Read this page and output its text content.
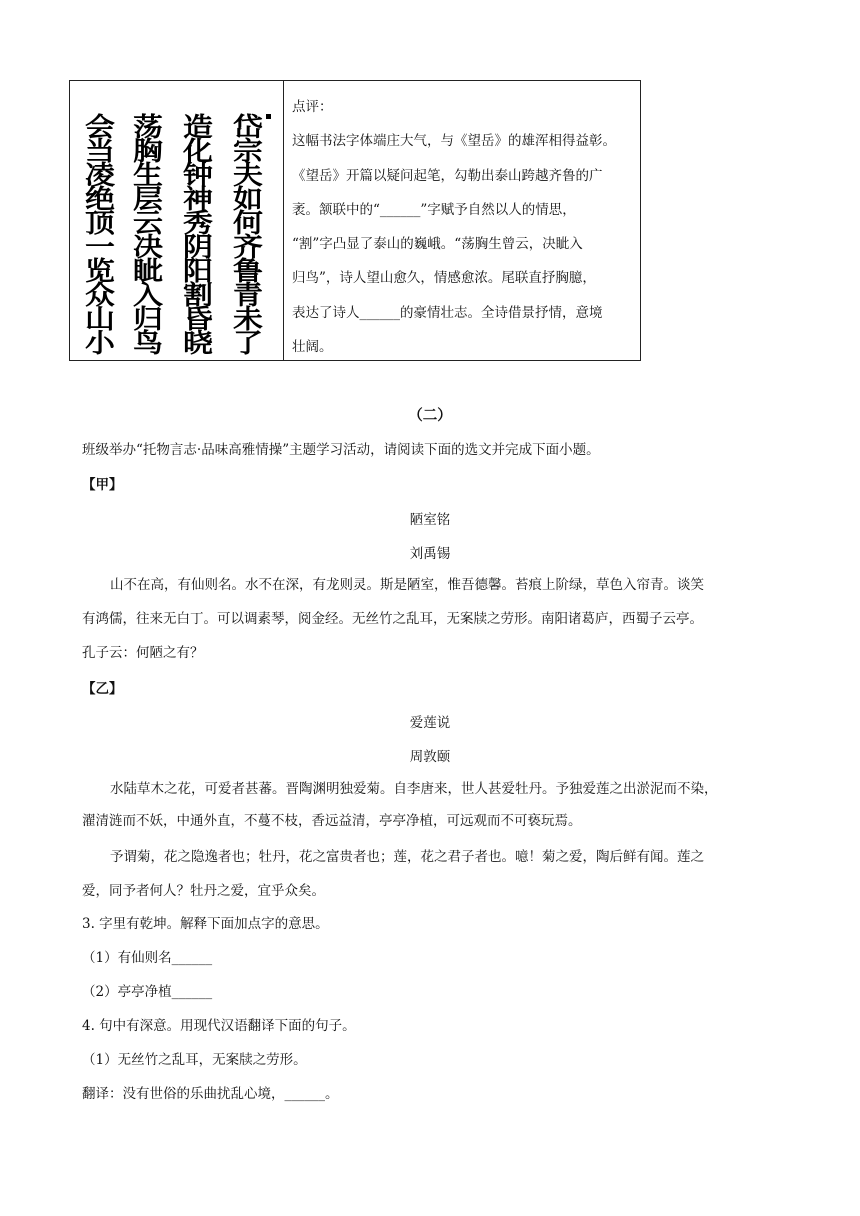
岱
宗
夫
如
何
齐
鲁
青
未
了
造
化
钟
神
秀
阴
阳
割
昏
晓
荡
胸
生
层
云
决
眦
入
归
鸟
会
当
凌
绝
顶
一
览
众
山
小
点评：
这幅书法字体端庄大气，与《望岳》的雄浑相得益彰。
《望岳》开篇以疑问起笔，勾勒出泰山跨越齐鲁的广
袤。颔联中的“______”字赋予自然以人的情思，
“割”字凸显了泰山的巍峨。“荡胸生曾云，决眦入
归鸟”，诗人望山愈久，情感愈浓。尾联直抒胸臆，
表达了诗人______的豪情壮志。全诗借景抒情，意境
壮阔。
（二）
班级举办“托物言志·品味高雅情操”主题学习活动，请阅读下面的选文并完成下面小题。
【甲】
陋室铭
刘禹锡
山不在高，有仙则名。水不在深，有龙则灵。斯是陋室，惟吾德馨。苔痕上阶绿，草色入帘青。谈笑
有鸿儒，往来无白丁。可以调素琴，阅金经。无丝竹之乱耳，无案牍之劳形。南阳诸葛庐，西蜀子云亭。
孔子云：何陋之有？
【乙】
爱莲说
周敦颐
水陆草木之花，可爱者甚蕃。晋陶渊明独爱菊。自李唐来，世人甚爱牡丹。予独爱莲之出淤泥而不染，
濯清涟而不妖，中通外直，不蔓不枝，香远益清，亭亭净植，可远观而不可亵玩焉。
予谓菊，花之隐逸者也；牡丹，花之富贵者也；莲，花之君子者也。噫！菊之爱，陶后鲜有闻。莲之
爱，同予者何人？牡丹之爱，宜乎众矣。
3. 字里有乾坤。解释下面加点字的意思。
（1）有仙则名______
（2）亭亭净植______
4. 句中有深意。用现代汉语翻译下面的句子。
（1）无丝竹之乱耳，无案牍之劳形。
翻译：没有世俗的乐曲扰乱心境，______。
